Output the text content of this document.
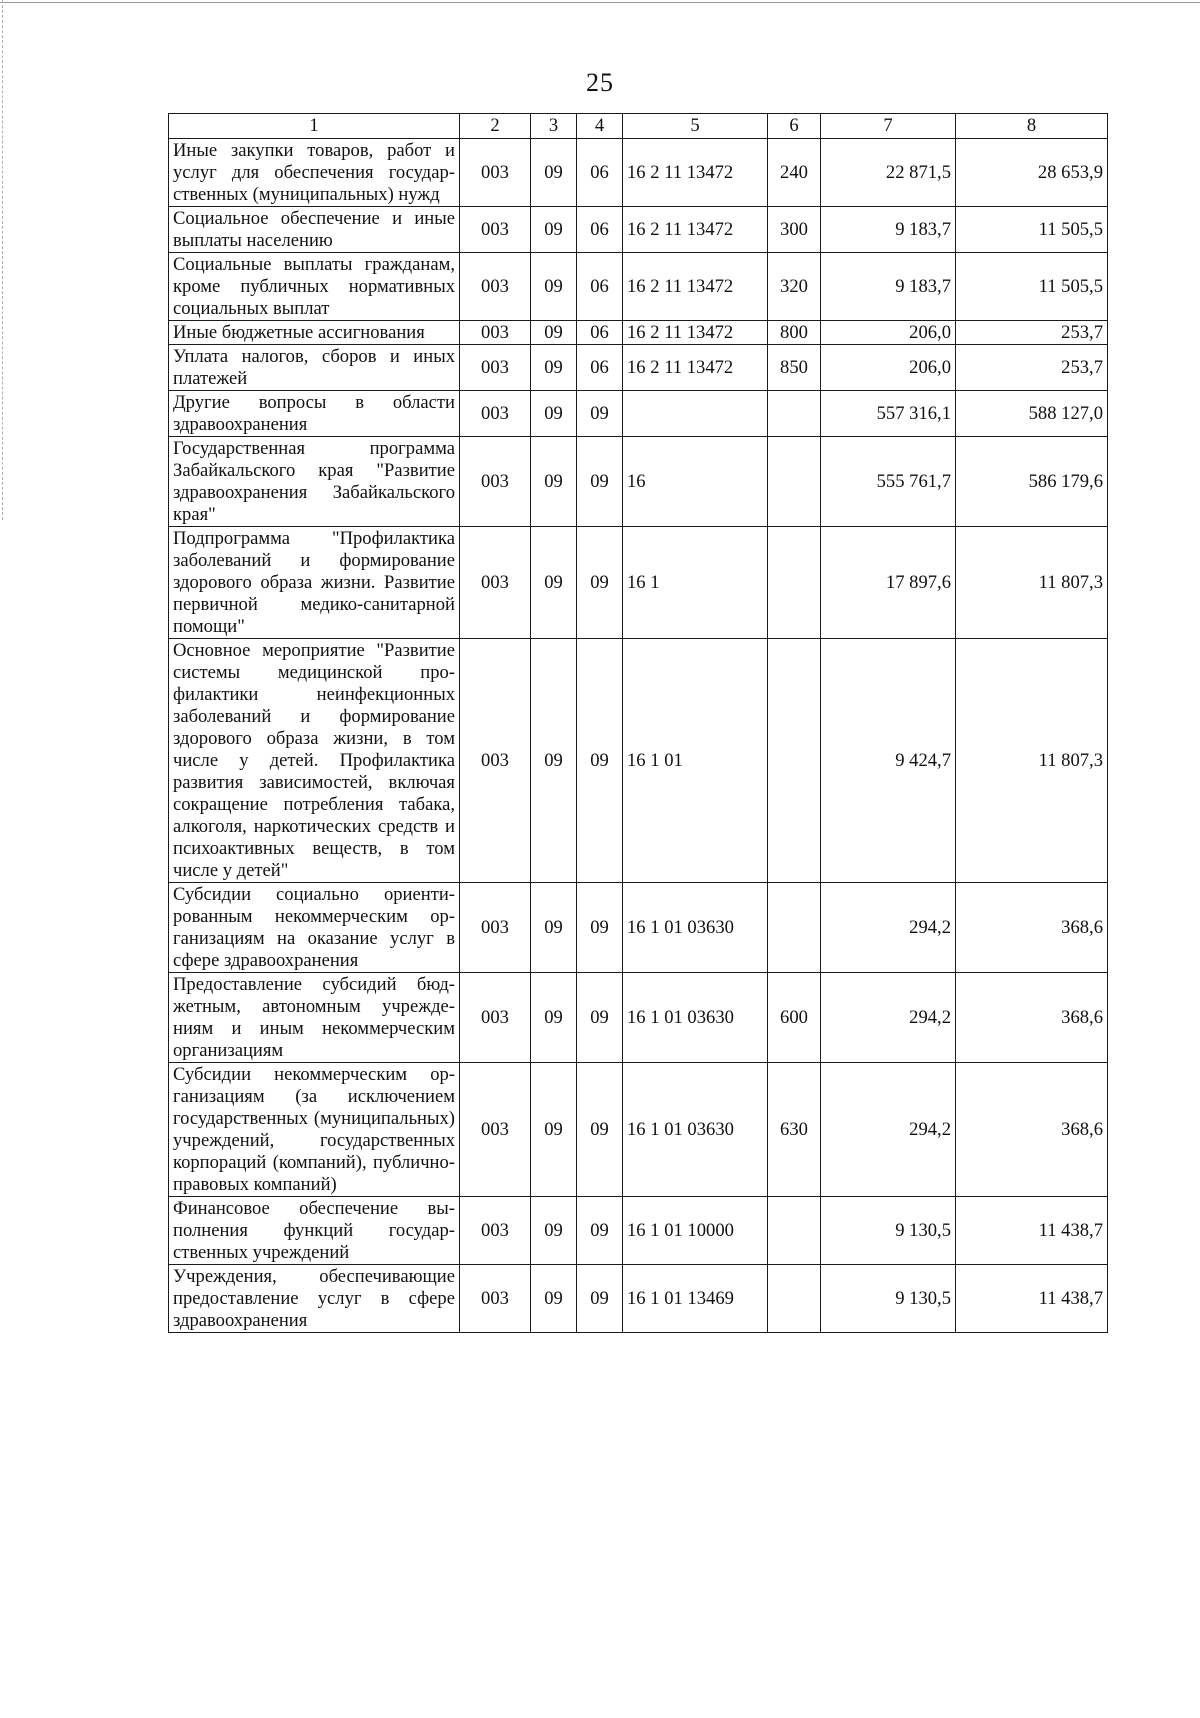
25
1	2	3	4	5	6	7	8
Иные закупки товаров, работ и услуг для обеспечения государственных (муниципальных) нужд	003	09	06	16 2 11 13472	240	22 871,5	28 653,9
Социальное обеспечение и иные выплаты населению	003	09	06	16 2 11 13472	300	9 183,7	11 505,5
Социальные выплаты гражданам, кроме публичных нормативных социальных выплат	003	09	06	16 2 11 13472	320	9 183,7	11 505,5
Иные бюджетные ассигнования	003	09	06	16 2 11 13472	800	206,0	253,7
Уплата налогов, сборов и иных платежей	003	09	06	16 2 11 13472	850	206,0	253,7
Другие вопросы в области здравоохранения	003	09	09			557 316,1	588 127,0
Государственная программа Забайкальского края "Развитие здравоохранения Забайкальского края"	003	09	09	16		555 761,7	586 179,6
Подпрограмма "Профилактика заболеваний и формирование здорового образа жизни. Развитие первичной медико-санитарной помощи"	003	09	09	16 1		17 897,6	11 807,3
Основное мероприятие "Развитие системы медицинской профилактики неинфекционных заболеваний и формирование здорового образа жизни, в том числе у детей. Профилактика развития зависимостей, включая сокращение потребления табака, алкоголя, наркотических средств и психоактивных веществ, в том числе у детей"	003	09	09	16 1 01		9 424,7	11 807,3
Субсидии социально ориентированным некоммерческим организациям на оказание услуг в сфере здравоохранения	003	09	09	16 1 01 03630		294,2	368,6
Предоставление субсидий бюджетным, автономным учреждениям и иным некоммерческим организациям	003	09	09	16 1 01 03630	600	294,2	368,6
Субсидии некоммерческим организациям (за исключением государственных (муниципальных) учреждений, государственных корпораций (компаний), публично-правовых компаний)	003	09	09	16 1 01 03630	630	294,2	368,6
Финансовое обеспечение выполнения функций государственных учреждений	003	09	09	16 1 01 10000		9 130,5	11 438,7
Учреждения, обеспечивающие предоставление услуг в сфере здравоохранения	003	09	09	16 1 01 13469		9 130,5	11 438,7
